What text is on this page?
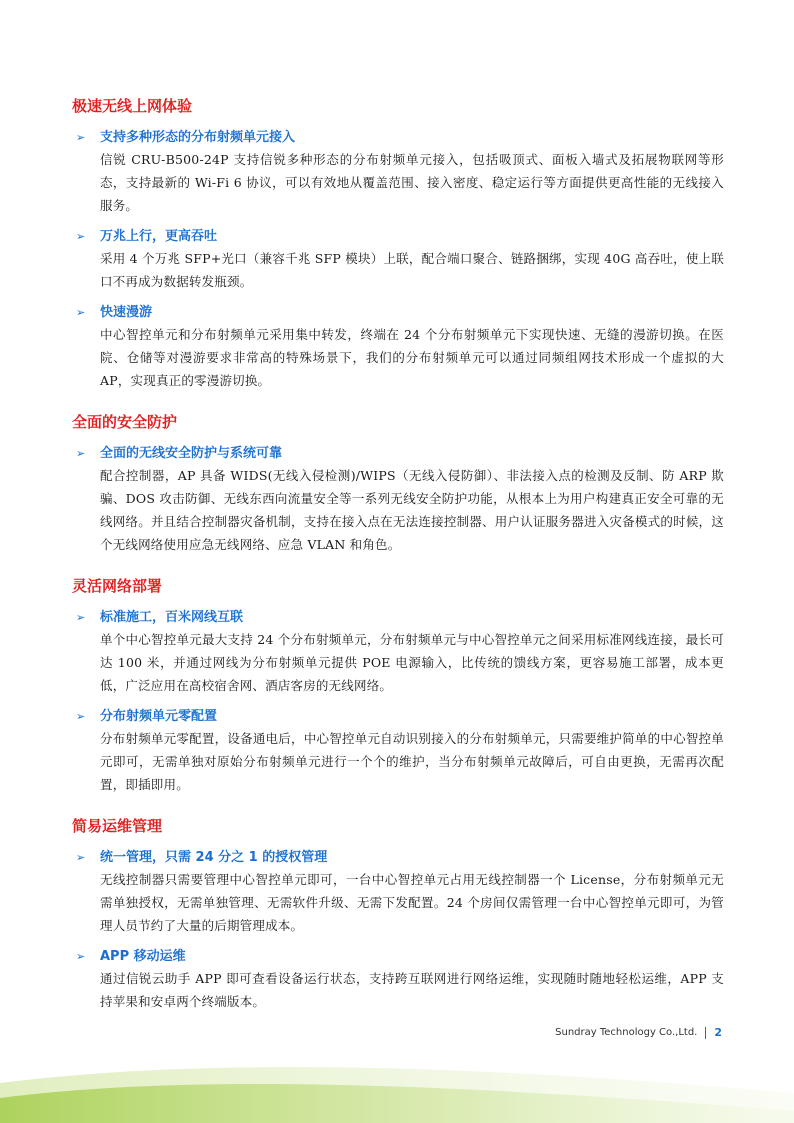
极速无线上网体验
➢	支持多种形态的分布射频单元接入
信锐 CRU-B500-24P 支持信锐多种形态的分布射频单元接入，包括吸顶式、面板入墙式及拓展物联网等形态，支持最新的 Wi-Fi 6 协议，可以有效地从覆盖范围、接入密度、稳定运行等方面提供更高性能的无线接入服务。
➢	万兆上行，更高吞吐
采用 4 个万兆 SFP+光口（兼容千兆 SFP 模块）上联，配合端口聚合、链路捆绑，实现 40G 高吞吐，使上联口不再成为数据转发瓶颈。
➢	快速漫游
中心智控单元和分布射频单元采用集中转发，终端在 24 个分布射频单元下实现快速、无缝的漫游切换。在医院、仓储等对漫游要求非常高的特殊场景下，我们的分布射频单元可以通过同频组网技术形成一个虚拟的大 AP，实现真正的零漫游切换。
全面的安全防护
➢	全面的无线安全防护与系统可靠
配合控制器，AP 具备 WIDS(无线入侵检测)/WIPS（无线入侵防御）、非法接入点的检测及反制、防 ARP 欺骗、DOS 攻击防御、无线东西向流量安全等一系列无线安全防护功能，从根本上为用户构建真正安全可靠的无线网络。并且结合控制器灾备机制，支持在接入点在无法连接控制器、用户认证服务器进入灾备模式的时候，这个无线网络使用应急无线网络、应急 VLAN 和角色。
灵活网络部署
➢	标准施工，百米网线互联
单个中心智控单元最大支持 24 个分布射频单元，分布射频单元与中心智控单元之间采用标准网线连接，最长可达 100 米，并通过网线为分布射频单元提供 POE 电源输入，比传统的馈线方案，更容易施工部署，成本更低，广泛应用在高校宿舍网、酒店客房的无线网络。
➢	分布射频单元零配置
分布射频单元零配置，设备通电后，中心智控单元自动识别接入的分布射频单元，只需要维护简单的中心智控单元即可，无需单独对原始分布射频单元进行一个个的维护，当分布射频单元故障后，可自由更换，无需再次配置，即插即用。
简易运维管理
➢	统一管理，只需 24 分之 1 的授权管理
无线控制器只需要管理中心智控单元即可，一台中心智控单元占用无线控制器一个 License，分布射频单元无需单独授权，无需单独管理、无需软件升级、无需下发配置。24 个房间仅需管理一台中心智控单元即可，为管理人员节约了大量的后期管理成本。
➢	APP 移动运维
通过信锐云助手 APP 即可查看设备运行状态，支持跨互联网进行网络运维，实现随时随地轻松运维，APP 支持苹果和安卓两个终端版本。
Sundray Technology Co.,Ltd. 2
